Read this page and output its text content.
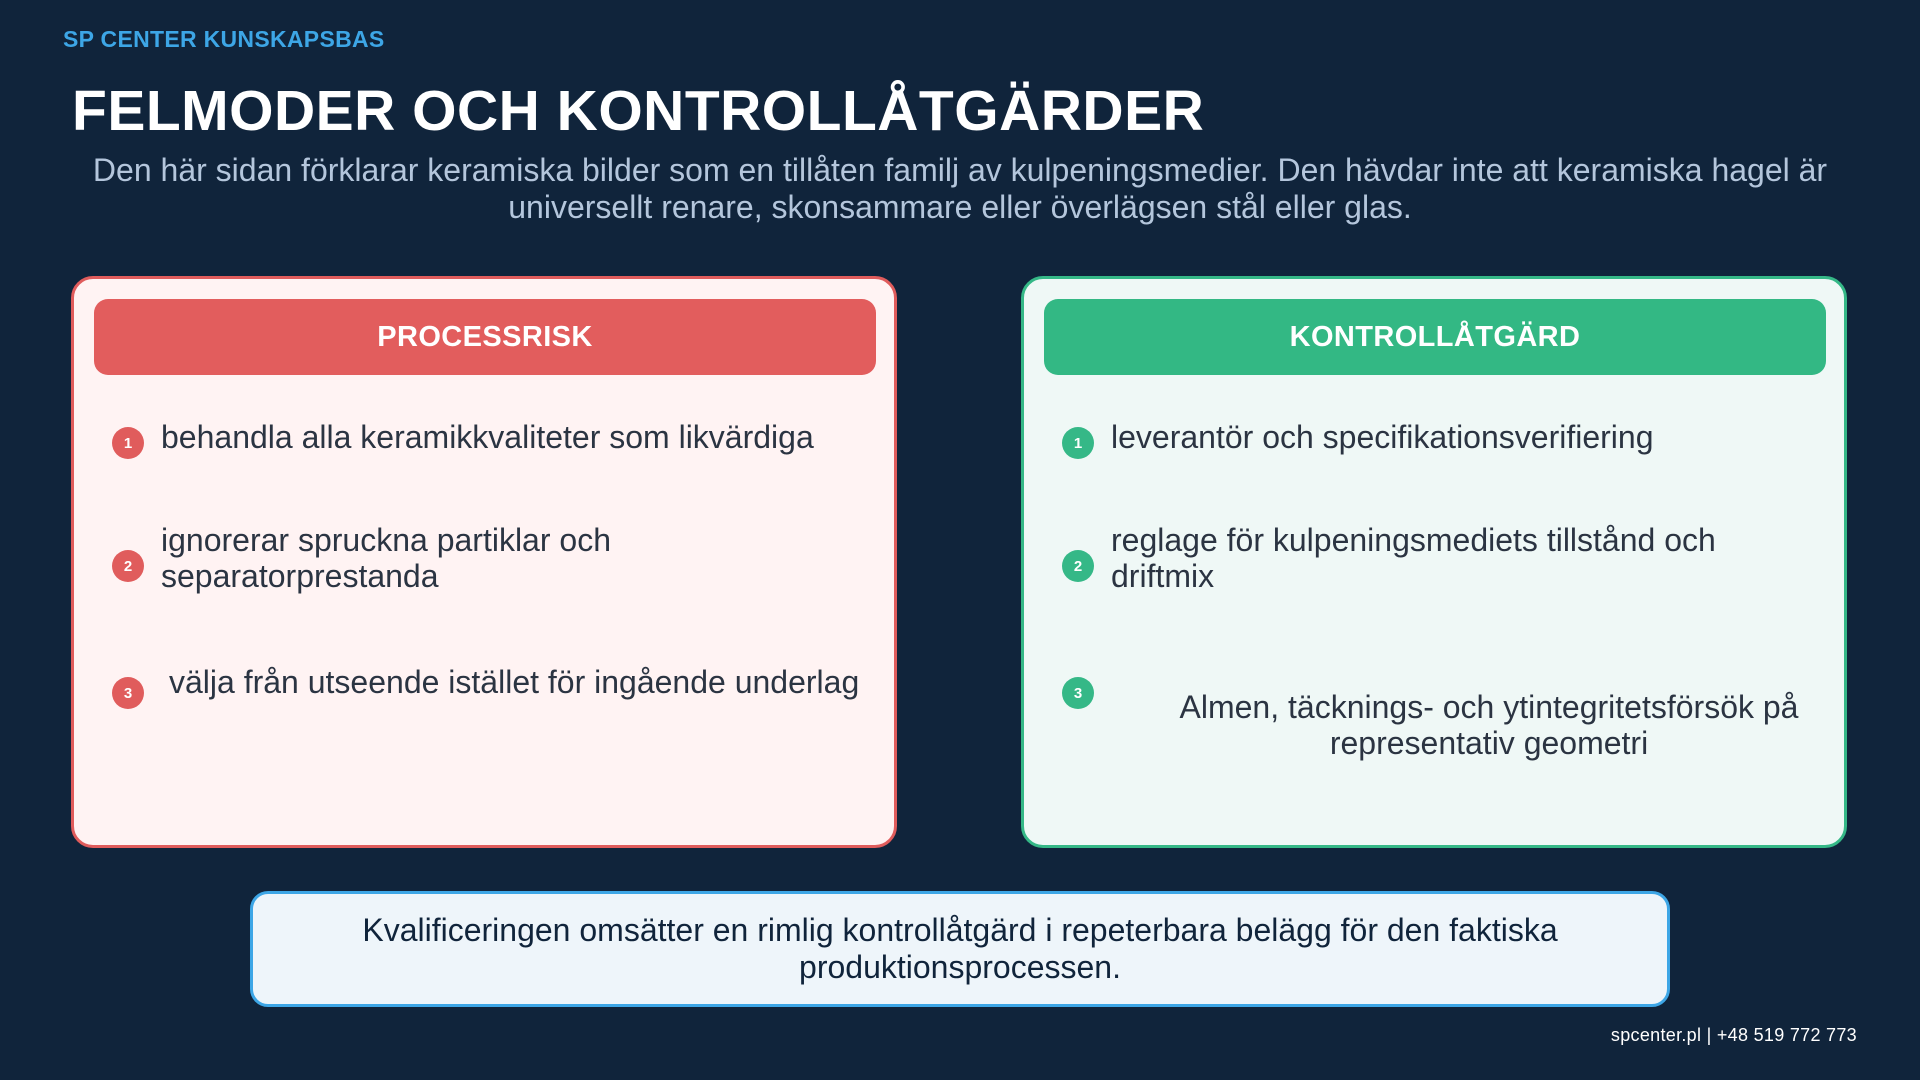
SP CENTER KUNSKAPSBAS
FELMODER OCH KONTROLLÅTGÄRDER
Den här sidan förklarar keramiska bilder som en tillåten familj av kulpeningsmedier. Den hävdar inte att keramiska hagel är universellt renare, skonsammare eller överlägsen stål eller glas.
PROCESSRISK
1 behandla alla keramikkvaliteter som likvärdiga
2
ignorerar spruckna partiklar och separatorprestanda
3	välja från utseende istället för ingående underlag
KONTROLLÅTGÄRD
1 leverantör och specifikationsverifiering
2
reglage för kulpeningsmediets tillstånd och driftmix
3	Almen, täcknings- och ytintegritetsförsök på representativ geometri
Kvalificeringen omsätter en rimlig kontrollåtgärd i repeterbara belägg för den faktiska produktionsprocessen.
spcenter.pl | +48 519 772 773
